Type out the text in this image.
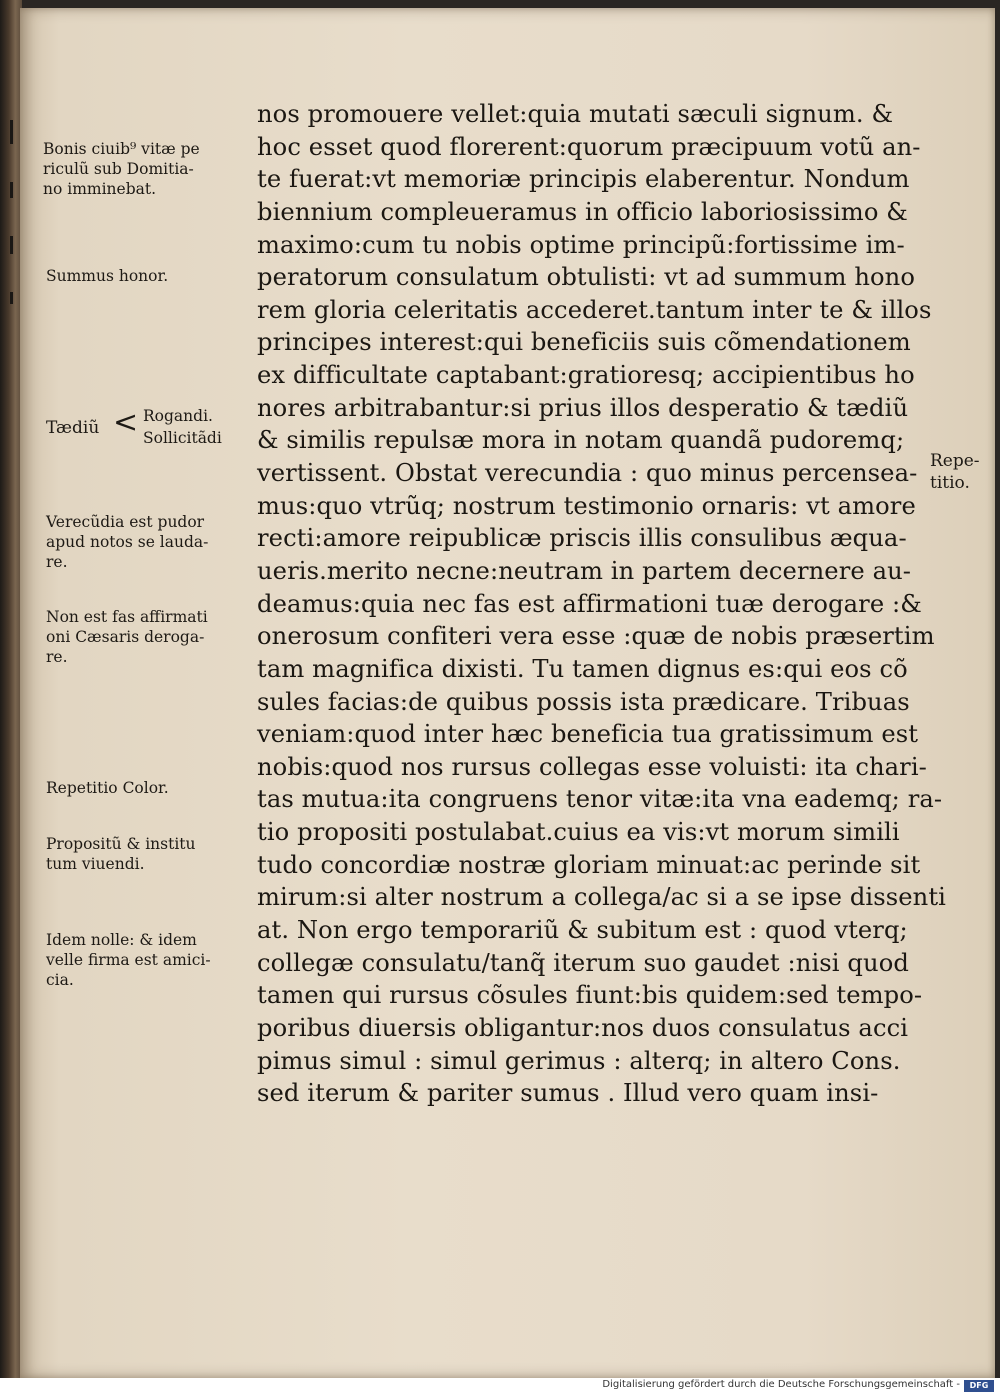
nos promouere vellet:quia mutati sæculi signum. &
hoc esset quod florerent:quorum præcipuum votũ an-
te fuerat:vt memoriæ principis elaberentur. Nondum
biennium compleueramus in officio laboriosissimo &
maximo:cum tu nobis optime principũ:fortissime im-
peratorum consulatum obtulisti: vt ad summum hono
rem gloria celeritatis accederet.tantum inter te & illos
principes interest:qui beneficiis suis cõmendationem
ex difficultate captabant:gratioresq; accipientibus ho
nores arbitrabantur:si prius illos desperatio & tædiũ
& similis repulsæ mora in notam quandã pudoremq;
vertissent. Obstat verecundia : quo minus percensea-
mus:quo vtrũq; nostrum testimonio ornaris: vt amore
recti:amore reipublicæ priscis illis consulibus æqua-
ueris.merito necne:neutram in partem decernere au-
deamus:quia nec fas est affirmationi tuæ derogare :&
onerosum confiteri vera esse :quæ de nobis præsertim
tam magnifica dixisti. Tu tamen dignus es:qui eos cõ
sules facias:de quibus possis ista prædicare. Tribuas
veniam:quod inter hæc beneficia tua gratissimum est
nobis:quod nos rursus collegas esse voluisti: ita chari-
tas mutua:ita congruens tenor vitæ:ita vna eademq; ra-
tio propositi postulabat.cuius ea vis:vt morum simili
tudo concordiæ nostræ gloriam minuat:ac perinde sit
mirum:si alter nostrum a collega/ac si a se ipse dissenti
at. Non ergo temporariũ & subitum est : quod vterq;
collegæ consulatu/tanq̃ iterum suo gaudet :nisi quod
tamen qui rursus cõsules fiunt:bis quidem:sed tempo-
poribus diuersis obligantur:nos duos consulatus acci
pimus simul : simul gerimus : alterq; in altero Cons.
sed iterum & pariter sumus . Illud vero quam insi-
Bonis ciuib⁹ vitæ pe
riculũ sub Domitia-
no imminebat.
Summus honor.
Tædiũ < Rogandi.
Sollicitãdi
Verecũdia est pudor
apud notos se lauda-
re.
Non est fas affirmati
oni Cæsaris deroga-
re.
Repetitio Color.
Propositũ & institu
tum viuendi.
Idem nolle: & idem
velle firma est amici-
cia.
Repe-
titio.
Digitalisierung gefördert durch die Deutsche Forschungsgemeinschaft -	DFG
